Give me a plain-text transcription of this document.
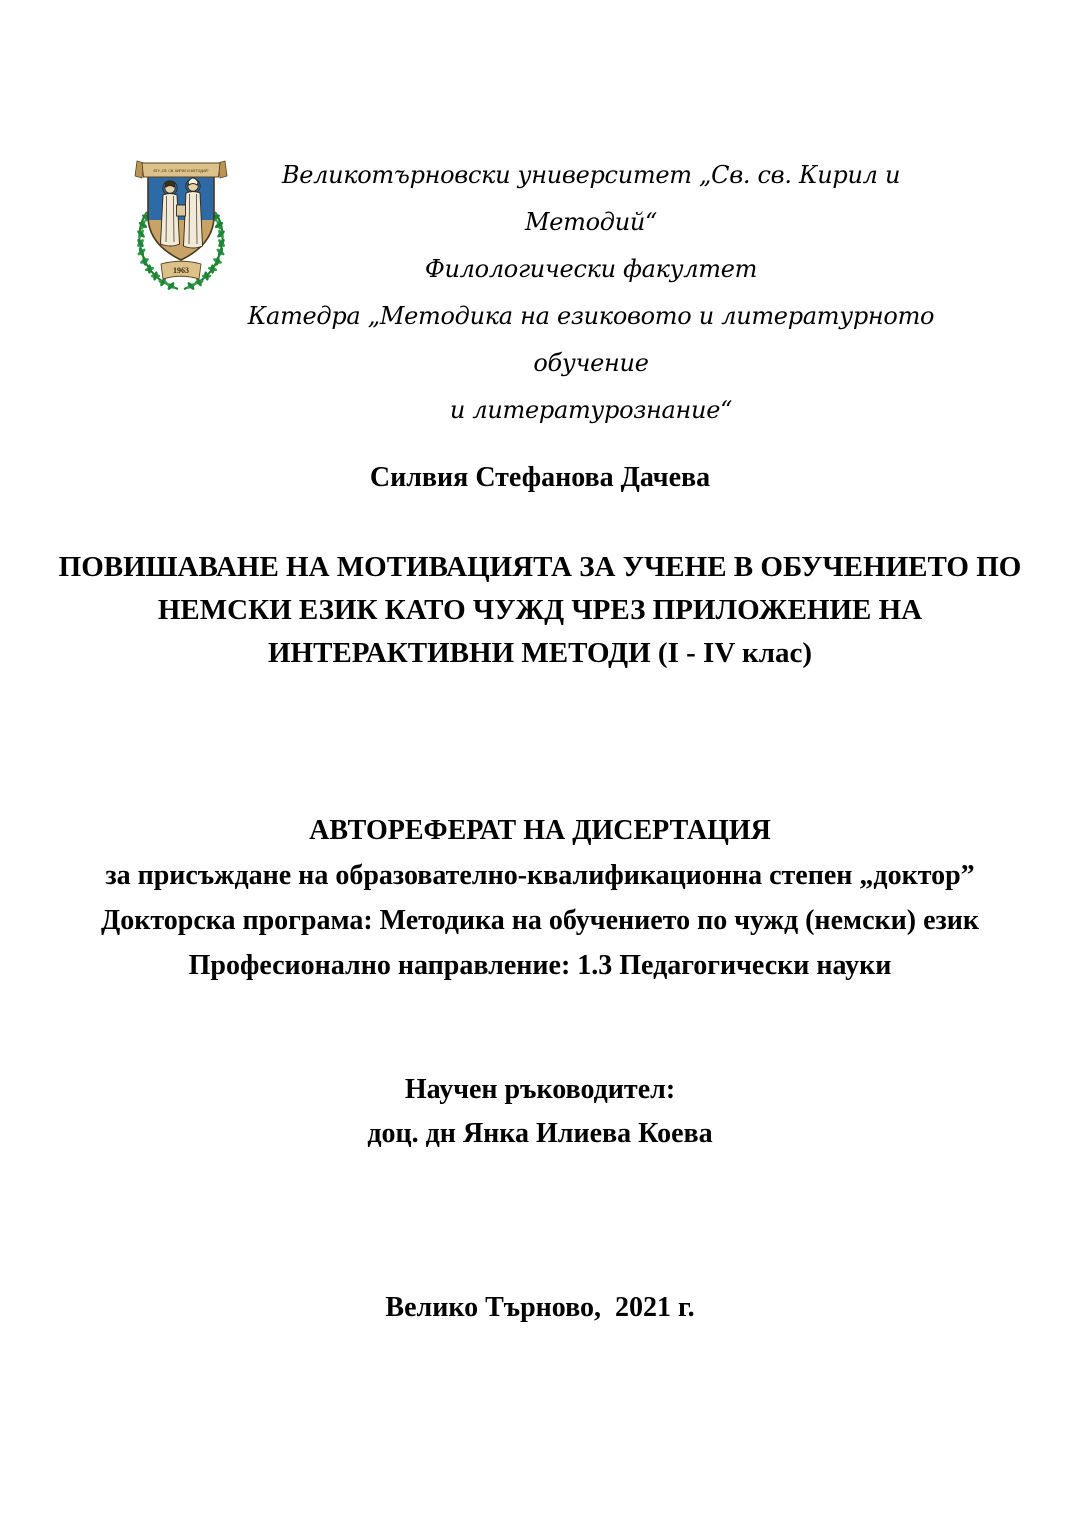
ВТУ „СВ. СВ. КИРИЛ И МЕТОДИЙ“
1963
Великотърновски университет „Св. св. Кирил и Методий“
Филологически факултет
Катедра „Методика на езиковото и литературното обучение
и литературознание“
Силвия Стефанова Дачева
ПОВИШАВАНЕ НА МОТИВАЦИЯТА ЗА УЧЕНЕ В ОБУЧЕНИЕТО ПО
НЕМСКИ ЕЗИК КАТО ЧУЖД ЧРЕЗ ПРИЛОЖЕНИЕ НА
ИНТЕРАКТИВНИ МЕТОДИ (I - IV клас)
АВТОРЕФЕРАТ НА ДИСЕРТАЦИЯ
за присъждане на образователно-квалификационна степен „доктор”
Докторска програма: Методика на обучението по чужд (немски) език
Професионално направление: 1.3 Педагогически науки
Научен ръководител:
доц. дн Янка Илиева Коева
Велико Търново,  2021 г.
